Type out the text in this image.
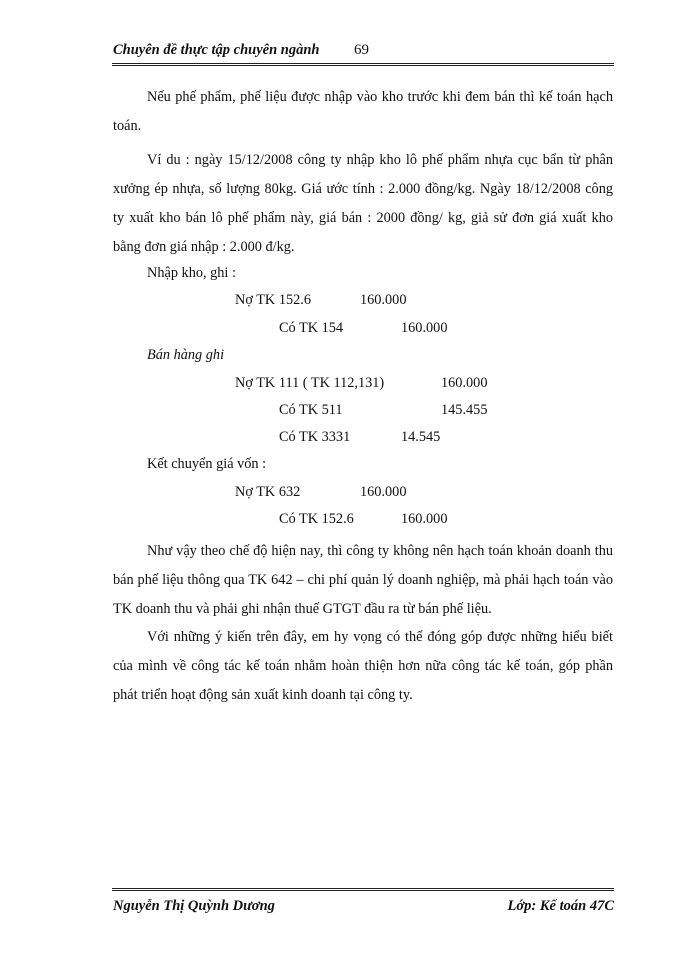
Chuyên đề thực tập chuyên ngành 69
Nếu phế phẩm, phế liệu được nhập vào kho trước khi đem bán thì kế toán hạch toán.
Ví du : ngày 15/12/2008 công ty nhập kho lô phế phẩm nhựa cục bẩn từ phân xưởng ép nhựa, số lượng 80kg. Giá ước tính : 2.000 đồng/kg. Ngày 18/12/2008 công ty xuất kho bán lô phế phẩm này, giá bán : 2000 đồng/ kg, giả sử đơn giá xuất kho bằng đơn giá nhập : 2.000 đ/kg.
Nhập kho, ghi :
Nợ TK 152.6	160.000
Có TK 154	160.000
Bán hàng ghi
Nợ TK 111 ( TK 112,131)	160.000
Có TK 511	145.455
Có TK 3331	14.545
Kết chuyển giá vốn :
Nợ TK 632	160.000
Có TK 152.6	160.000
Như vậy theo chế độ hiện nay, thì công ty không nên hạch toán khoản doanh thu bán phế liệu thông qua TK 642 – chi phí quản lý doanh nghiệp, mà phải hạch toán vào TK doanh thu và phải ghi nhận thuế GTGT đầu ra từ bán phế liệu.
Với những ý kiến trên đây, em hy vọng có thể đóng góp được những hiểu biết của mình về công tác kế toán nhằm hoàn thiện hơn nữa công tác kế toán, góp phần phát triển hoạt động sản xuất kinh doanh tại công ty.
Nguyễn Thị Quỳnh Dương	Lớp: Kế toán 47C
